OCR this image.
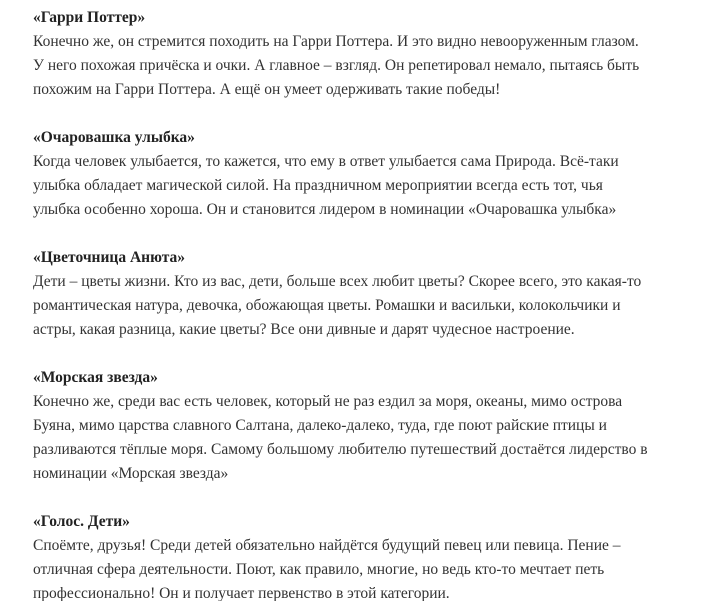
«Гарри Поттер»
Конечно же, он стремится походить на Гарри Поттера. И это видно невооруженным глазом.
У него похожая причёска и очки. А главное – взгляд. Он репетировал немало, пытаясь быть
похожим на Гарри Поттера. А ещё он умеет одерживать такие победы!
«Очаровашка улыбка»
Когда человек улыбается, то кажется, что ему в ответ улыбается сама Природа. Всё-таки
улыбка обладает магической силой. На праздничном мероприятии всегда есть тот, чья
улыбка особенно хороша. Он и становится лидером в номинации «Очаровашка улыбка»
«Цветочница Анюта»
Дети – цветы жизни. Кто из вас, дети, больше всех любит цветы? Скорее всего, это какая-то
романтическая натура, девочка, обожающая цветы. Ромашки и васильки, колокольчики и
астры, какая разница, какие цветы? Все они дивные и дарят чудесное настроение.
«Морская звезда»
Конечно же, среди вас есть человек, который не раз ездил за моря, океаны, мимо острова
Буяна, мимо царства славного Салтана, далеко-далеко, туда, где поют райские птицы и
разливаются тёплые моря. Самому большому любителю путешествий достаётся лидерство в
номинации «Морская звезда»
«Голос. Дети»
Споёмте, друзья! Среди детей обязательно найдётся будущий певец или певица. Пение –
отличная сфера деятельности. Поют, как правило, многие, но ведь кто-то мечтает петь
профессионально! Он и получает первенство в этой категории.
